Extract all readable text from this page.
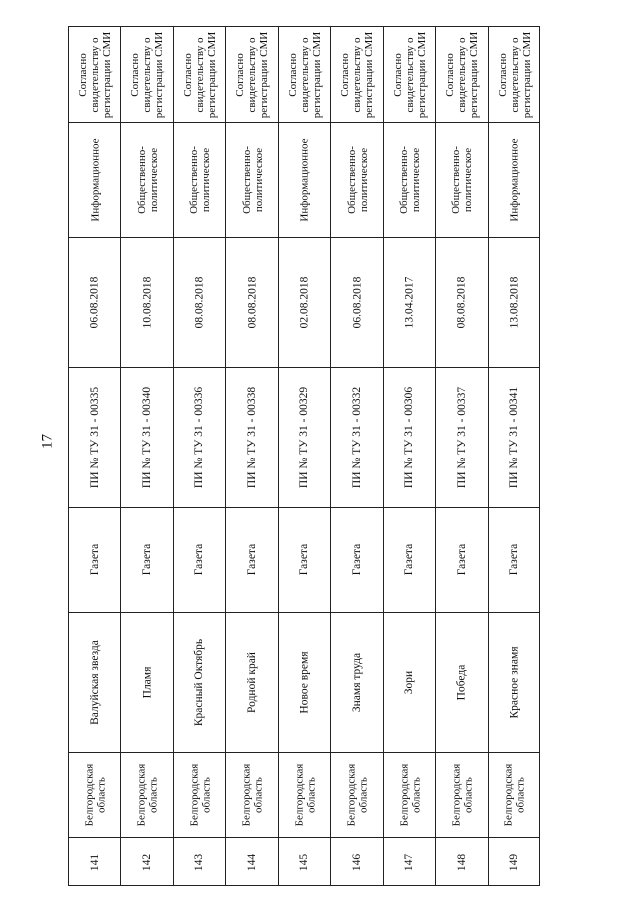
17
141
Белгородская
область
Валуйская звезда
Газета
ПИ № ТУ 31 - 00335
06.08.2018
Информационное
Согласно
свидетельству о
регистрации СМИ
142
Белгородская
область
Пламя
Газета
ПИ № ТУ 31 - 00340
10.08.2018
Общественно-
политическое
Согласно
свидетельству о
регистрации СМИ
143
Белгородская
область
Красный Октябрь
Газета
ПИ № ТУ 31 - 00336
08.08.2018
Общественно-
политическое
Согласно
свидетельству о
регистрации СМИ
144
Белгородская
область
Родной край
Газета
ПИ № ТУ 31 - 00338
08.08.2018
Общественно-
политическое
Согласно
свидетельству о
регистрации СМИ
145
Белгородская
область
Новое время
Газета
ПИ № ТУ 31 - 00329
02.08.2018
Информационное
Согласно
свидетельству о
регистрации СМИ
146
Белгородская
область
Знамя труда
Газета
ПИ № ТУ 31 - 00332
06.08.2018
Общественно-
политическое
Согласно
свидетельству о
регистрации СМИ
147
Белгородская
область
Зори
Газета
ПИ № ТУ 31 - 00306
13.04.2017
Общественно-
политическое
Согласно
свидетельству о
регистрации СМИ
148
Белгородская
область
Победа
Газета
ПИ № ТУ 31 - 00337
08.08.2018
Общественно-
политическое
Согласно
свидетельству о
регистрации СМИ
149
Белгородская
область
Красное знамя
Газета
ПИ № ТУ 31 - 00341
13.08.2018
Информационное
Согласно
свидетельству о
регистрации СМИ
